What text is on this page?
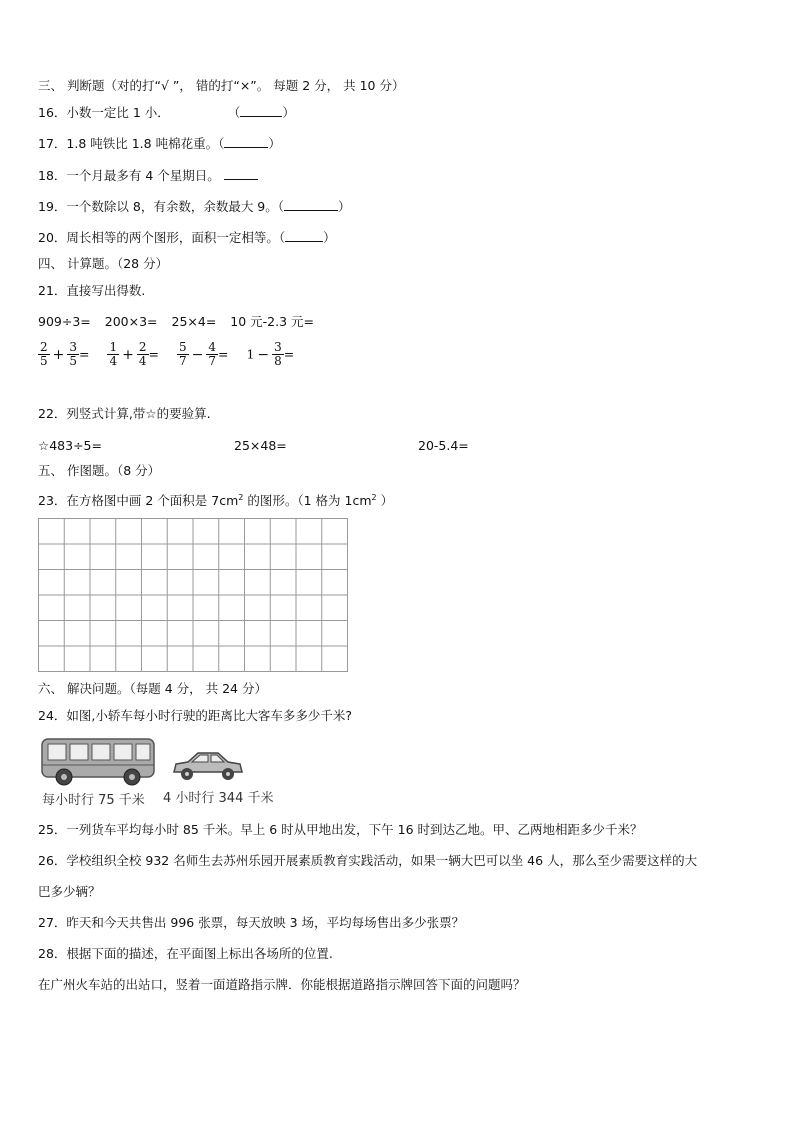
三、 判断题（对的打“√ ”， 错的打“×”。 每题 2 分， 共 10 分）
16．小数一定比 1 小．	（	）
17．1.8 吨铁比 1.8 吨棉花重。（	）
18．一个月最多有 4 个星期日。
19．一个数除以 8，有余数，余数最大 9。（	）
20．周长相等的两个图形，面积一定相等。（	）
四、 计算题。（28 分）
21．直接写出得数.
909÷3= 200×3= 25×4= 10 元-2.3 元=
$\frac{2}{5} + \frac{3}{5} = \frac{1}{4} + \frac{2}{4} = \frac{5}{7} - \frac{4}{7} = 1 - \frac{3}{8}$ =
22．列竖式计算,带☆的要验算.
☆483÷5=	25×48=	20-5.4=
五、 作图题。（8 分）
23．在方格图中画 2 个面积是 $7cm^2$ 的图形。（1 格为 $1cm^2$ ）
六、 解决问题。（每题 4 分， 共 24 分）
24．如图,小轿车每小时行驶的距离比大客车多多少千米?
每小时行 75 千米 4 小时行 344 千米
25．一列货车平均每小时 85 千米。早上 6 时从甲地出发，下午 16 时到达乙地。甲、乙两地相距多少千米？
26．学校组织全校 932 名师生去苏州乐园开展素质教育实践活动，如果一辆大巴可以坐 46 人，那么至少需要这样的大
巴多少辆？
27．昨天和今天共售出 996 张票，每天放映 3 场，平均每场售出多少张票？
28．根据下面的描述，在平面图上标出各场所的位置.
在广州火车站的出站口，竖着一面道路指示牌．你能根据道路指示牌回答下面的问题吗？
